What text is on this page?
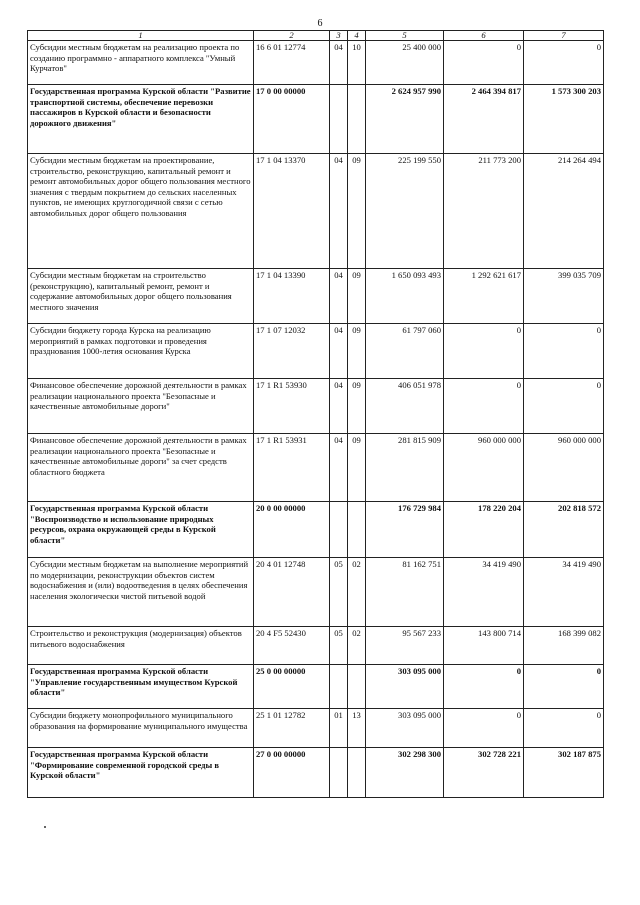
6
1	2	3	4	5	6	7
Субсидии местным бюджетам на реализацию проекта по созданию программно - аппаратного комплекса "Умный Курчатов"	16 6 01 12774	04	10	25 400 000	0	0
Государственная программа Курской области "Развитие транспортной системы, обеспечение перевозки пассажиров в Курской области и безопасности дорожного движения"	17 0 00 00000			2 624 957 990	2 464 394 817	1 573 300 203
Субсидии местным бюджетам на проектирование, строительство, реконструкцию, капитальный ремонт и ремонт автомобильных дорог общего пользования местного значения с твердым покрытием до сельских населенных пунктов, не имеющих круглогодичной связи с сетью автомобильных дорог общего пользования	17 1 04 13370	04	09	225 199 550	211 773 200	214 264 494
Субсидии местным бюджетам на строительство (реконструкцию), капитальный ремонт, ремонт и содержание автомобильных дорог общего пользования местного значения	17 1 04 13390	04	09	1 650 093 493	1 292 621 617	399 035 709
Субсидии бюджету города Курска на реализацию мероприятий в рамках подготовки и проведения празднования 1000-летия основания Курска	17 1 07 12032	04	09	61 797 060	0	0
Финансовое обеспечение дорожной деятельности в рамках реализации национального проекта "Безопасные и качественные автомобильные дороги"	17 1 R1 53930	04	09	406 051 978	0	0
Финансовое обеспечение дорожной деятельности в рамках реализации национального проекта "Безопасные и качественные автомобильные дороги" за счет средств областного бюджета	17 1 R1 53931	04	09	281 815 909	960 000 000	960 000 000
Государственная программа Курской области "Воспроизводство и использование природных ресурсов, охрана окружающей среды в Курской области"	20 0 00 00000			176 729 984	178 220 204	202 818 572
Субсидии местным бюджетам на выполнение мероприятий по модернизации, реконструкции объектов систем водоснабжения и (или) водоотведения в целях обеспечения населения экологически чистой питьевой водой	20 4 01 12748	05	02	81 162 751	34 419 490	34 419 490
Строительство и реконструкция (модернизация) объектов питьевого водоснабжения	20 4 F5 52430	05	02	95 567 233	143 800 714	168 399 082
Государственная программа Курской области "Управление государственным имуществом Курской области"	25 0 00 00000			303 095 000	0	0
Субсидии бюджету монопрофильного муниципального образования на формирование муниципального имущества	25 1 01 12782	01	13	303 095 000	0	0
Государственная программа Курской области "Формирование современной городской среды в Курской области"	27 0 00 00000			302 298 300	302 728 221	302 187 875
